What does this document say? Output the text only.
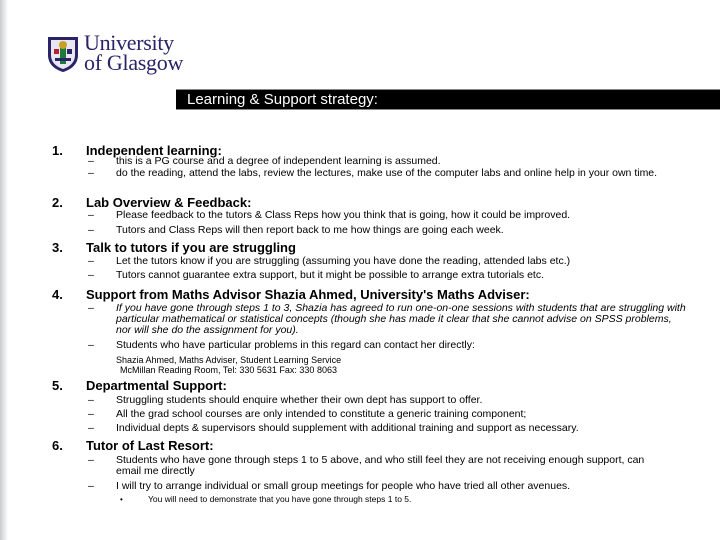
University
of Glasgow
Learning & Support strategy:
1. Independent learning:
– this is a PG course and a degree of independent learning is assumed.
– do the reading, attend the labs, review the lectures, make use of the computer labs and online help in your own time.
2. Lab Overview & Feedback:
– Please feedback to the tutors & Class Reps how you think that is going, how it could be improved.
– Tutors and Class Reps will then report back to me how things are going each week.
3. Talk to tutors if you are struggling
– Let the tutors know if you are struggling (assuming you have done the reading, attended labs etc.)
– Tutors cannot guarantee extra support, but it might be possible to arrange extra tutorials etc.
4. Support from Maths Advisor Shazia Ahmed, University's Maths Adviser:
– If you have gone through steps 1 to 3, Shazia has agreed to run one-on-one sessions with students that are struggling with particular mathematical or statistical concepts (though she has made it clear that she cannot advise on SPSS problems, nor will she do the assignment for you).
– Students who have particular problems in this regard can contact her directly:
Shazia Ahmed, Maths Adviser, Student Learning Service
McMillan Reading Room, Tel: 330 5631 Fax: 330 8063
5. Departmental Support:
– Struggling students should enquire whether their own dept has support to offer.
– All the grad school courses are only intended to constitute a generic training component;
– Individual depts & supervisors should supplement with additional training and support as necessary.
6. Tutor of Last Resort:
– Students who have gone through steps 1 to 5 above, and who still feel they are not receiving enough support, can email me directly
– I will try to arrange individual or small group meetings for people who have tried all other avenues.
•	You will need to demonstrate that you have gone through steps 1 to 5.
